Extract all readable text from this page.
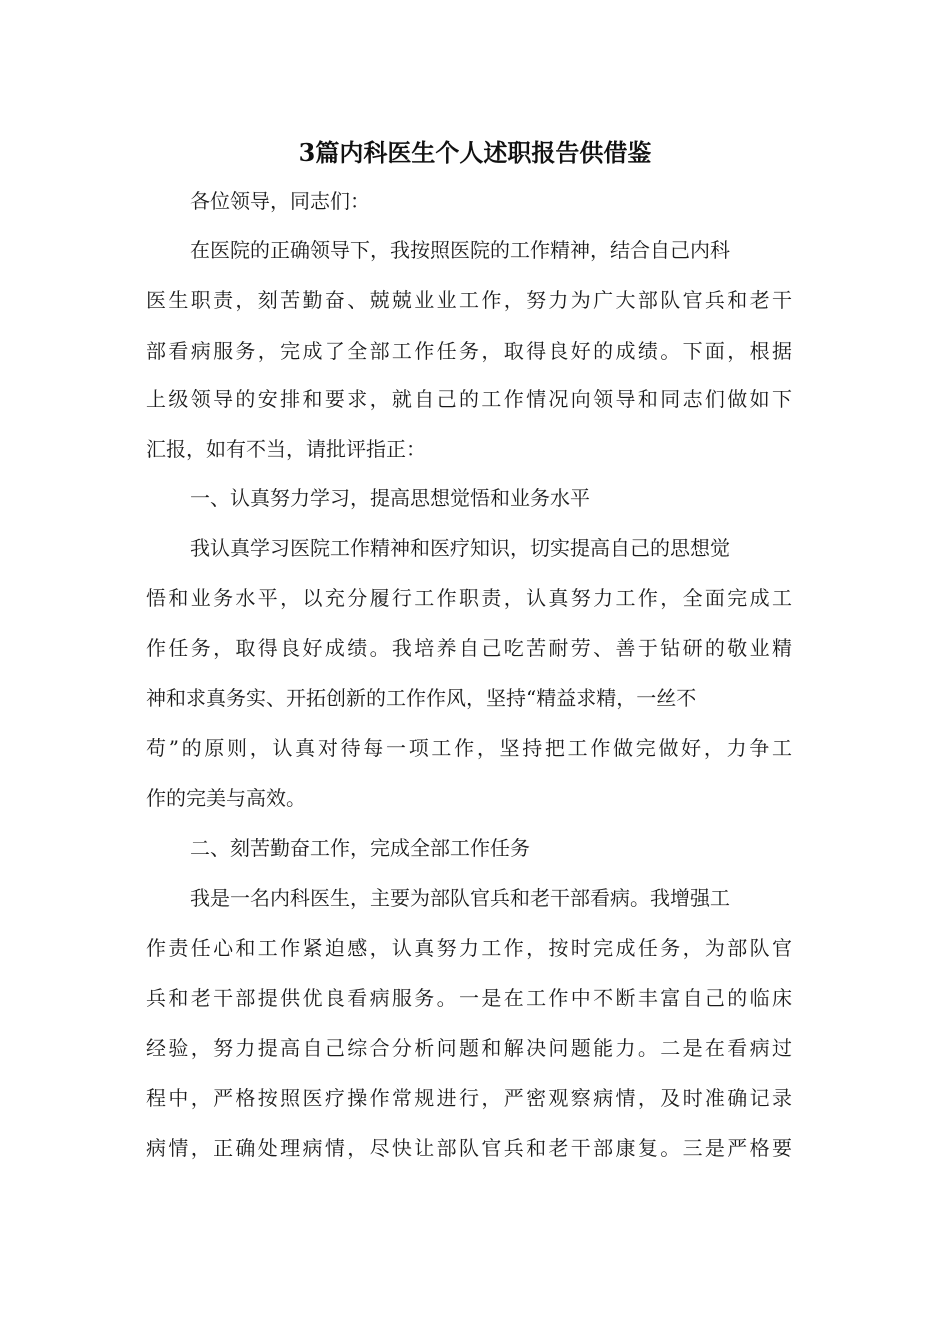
3篇内科医生个人述职报告供借鉴

各位领导，同志们：

在医院的正确领导下，我按照医院的工作精神，结合自己内科

医生职责，刻苦勤奋、兢兢业业工作，努力为广大部队官兵和老干

部看病服务，完成了全部工作任务，取得良好的成绩。下面，根据

上级领导的安排和要求，就自己的工作情况向领导和同志们做如下

汇报，如有不当，请批评指正：

一、认真努力学习，提高思想觉悟和业务水平

我认真学习医院工作精神和医疗知识，切实提高自己的思想觉

悟和业务水平，以充分履行工作职责，认真努力工作，全面完成工

作任务，取得良好成绩。我培养自己吃苦耐劳、善于钻研的敬业精

神和求真务实、开拓创新的工作作风，坚持“精益求精，一丝不

苟”的原则，认真对待每一项工作，坚持把工作做完做好，力争工

作的完美与高效。

二、刻苦勤奋工作，完成全部工作任务

我是一名内科医生，主要为部队官兵和老干部看病。我增强工

作责任心和工作紧迫感，认真努力工作，按时完成任务，为部队官

兵和老干部提供优良看病服务。一是在工作中不断丰富自己的临床

经验，努力提高自己综合分析问题和解决问题能力。二是在看病过

程中，严格按照医疗操作常规进行，严密观察病情，及时准确记录

病情，正确处理病情，尽快让部队官兵和老干部康复。三是严格要
